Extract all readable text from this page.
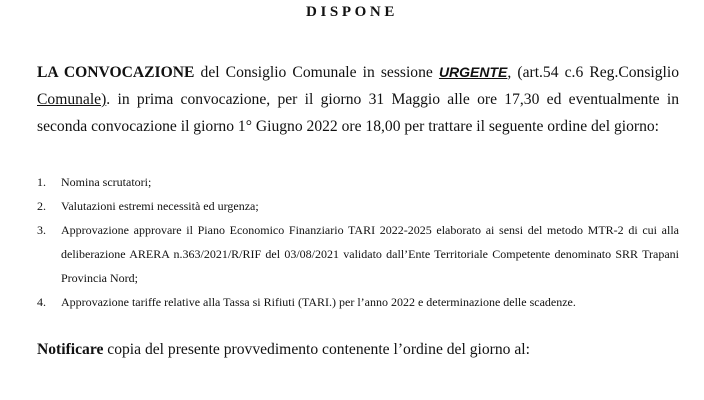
DISPONE
LA CONVOCAZIONE del Consiglio Comunale in sessione URGENTE, (art.54 c.6 Reg.Consiglio Comunale). in prima convocazione, per il giorno 31 Maggio alle ore 17,30 ed eventualmente in seconda convocazione il giorno 1° Giugno 2022 ore 18,00 per trattare il seguente ordine del giorno:
1.	Nomina scrutatori;
2.	Valutazioni estremi necessità ed urgenza;
3.	Approvazione approvare il Piano Economico Finanziario TARI 2022-2025 elaborato ai sensi del metodo MTR-2 di cui alla deliberazione ARERA n.363/2021/R/RIF del 03/08/2021 validato dall’Ente Territoriale Competente denominato SRR Trapani Provincia Nord;
4.	Approvazione tariffe relative alla Tassa si Rifiuti (TARI.) per l’anno 2022 e determinazione delle scadenze.
Notificare copia del presente provvedimento contenente l’ordine del giorno al:
